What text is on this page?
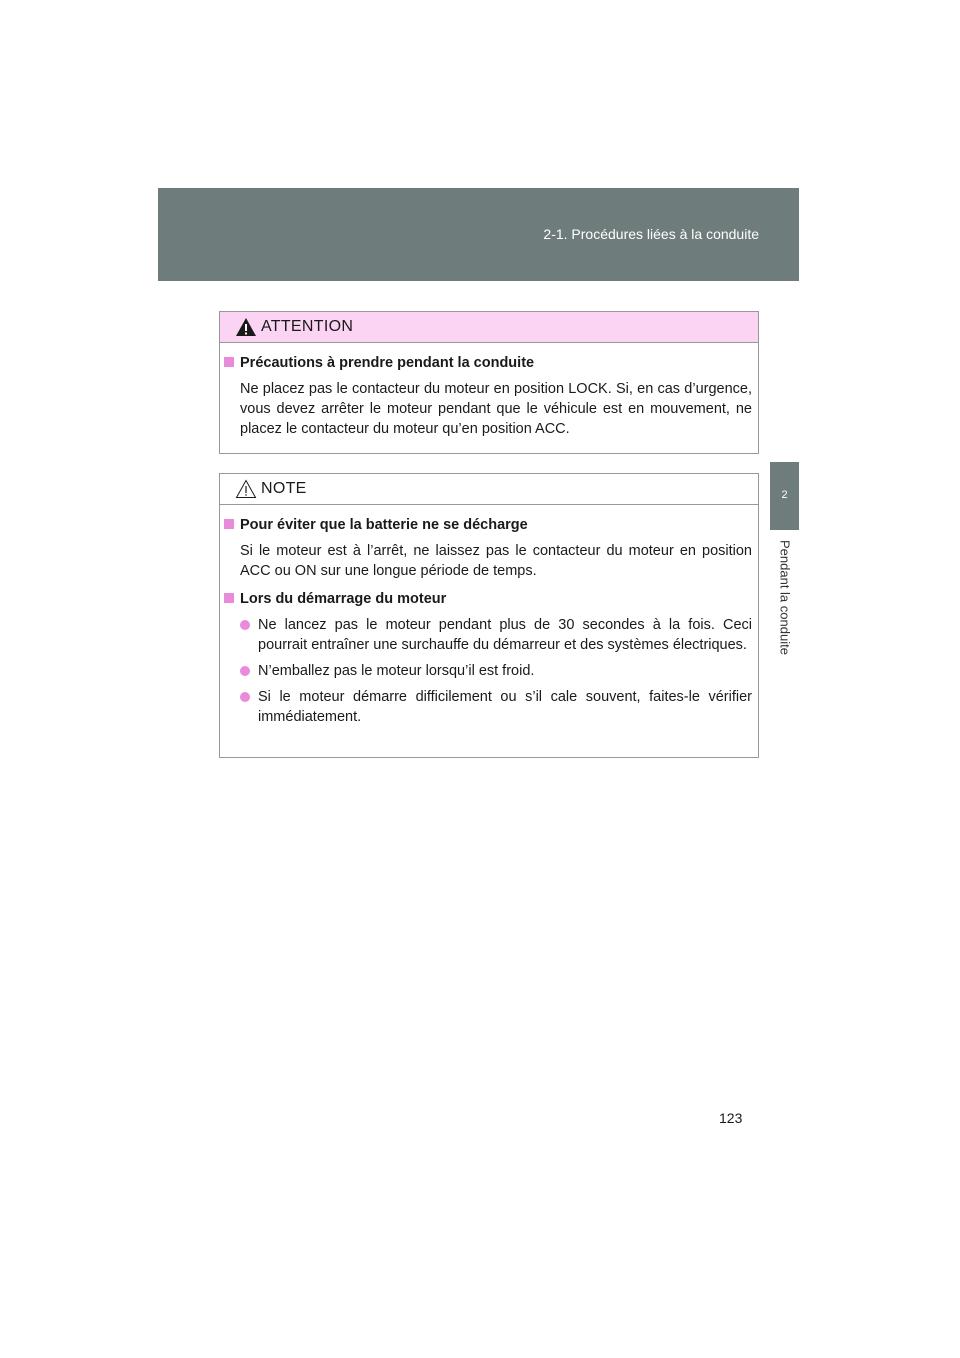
2-1. Procédures liées à la conduite
2
Pendant la conduite
ATTENTION
Précautions à prendre pendant la conduite
Ne placez pas le contacteur du moteur en position LOCK. Si, en cas d’urgence, vous devez arrêter le moteur pendant que le véhicule est en mouvement, ne placez le contacteur du moteur qu’en position ACC.
NOTE
Pour éviter que la batterie ne se décharge
Si le moteur est à l’arrêt, ne laissez pas le contacteur du moteur en position ACC ou ON sur une longue période de temps.
Lors du démarrage du moteur
Ne lancez pas le moteur pendant plus de 30 secondes à la fois. Ceci pourrait entraîner une surchauffe du démarreur et des systèmes électriques.
N’emballez pas le moteur lorsqu’il est froid.
Si le moteur démarre difficilement ou s’il cale souvent, faites-le vérifier immédiatement.
123
